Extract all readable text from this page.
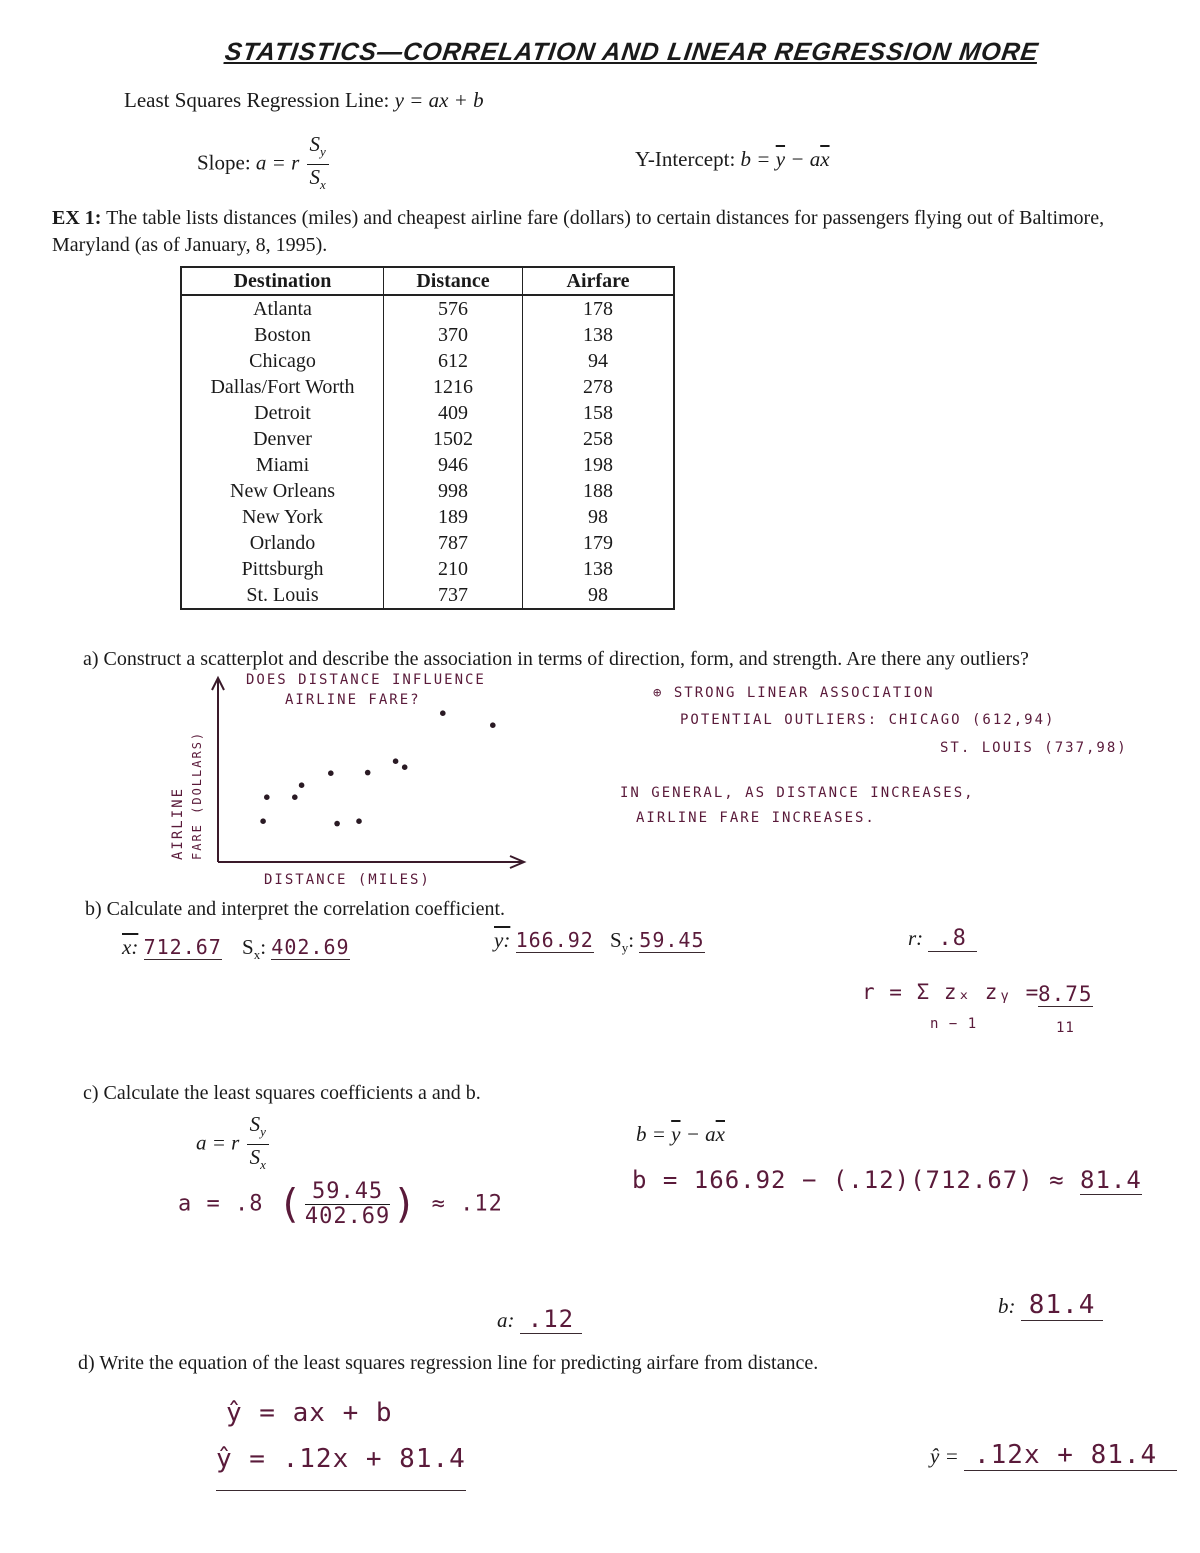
STATISTICS—CORRELATION AND LINEAR REGRESSION MORE
Least Squares Regression Line: y = ax + b
Slope: a = r $\frac{S_y}{S_x}$	Y-Intercept: $b = \overline{y} - a\overline{x}$
EX 1: The table lists distances (miles) and cheapest airline fare (dollars) to certain distances for passengers flying out of Baltimore, Maryland (as of January, 8, 1995).
Destination	Distance	Airfare
Atlanta	576	178
Boston	370	138
Chicago	612	94
Dallas/Fort Worth	1216	278
Detroit	409	158
Denver	1502	258
Miami	946	198
New Orleans	998	188
New York	189	98
Orlando	787	179
Pittsburgh	210	138
St. Louis	737	98
a) Construct a scatterplot and describe the association in terms of direction, form, and strength. Are there any outliers?
DOES DISTANCE INFLUENCE
AIRLINE FARE?
DISTANCE (MILES)
AIRLINE FARE (DOLLARS)
⊕ STRONG LINEAR ASSOCIATION
POTENTIAL OUTLIERS: CHICAGO (612,94)
ST. LOUIS (737,98)
IN GENERAL, AS DISTANCE INCREASES,
AIRLINE FARE INCREASES.
b) Calculate and interpret the correlation coefficient.
x: 712.67 $S_x$: 402.69	y: 166.92 $S_y$: 59.45	r: .8
r = Σ zₓ zᵧ =
n − 1
8.75
11
c) Calculate the least squares coefficients a and b.
a = r $\frac{S_y}{S_x}$
a = .8 ( $\frac{59.45}{402.69}$ ) ≈ .12
$b = \overline{y} - a\overline{x}$
b = 166.92 − (.12)(712.67) ≈ 81.4
a: .12	b: 81.4
d) Write the equation of the least squares regression line for predicting airfare from distance.
ŷ = ax + b
ŷ = .12x + 81.4	ŷ = .12x + 81.4
